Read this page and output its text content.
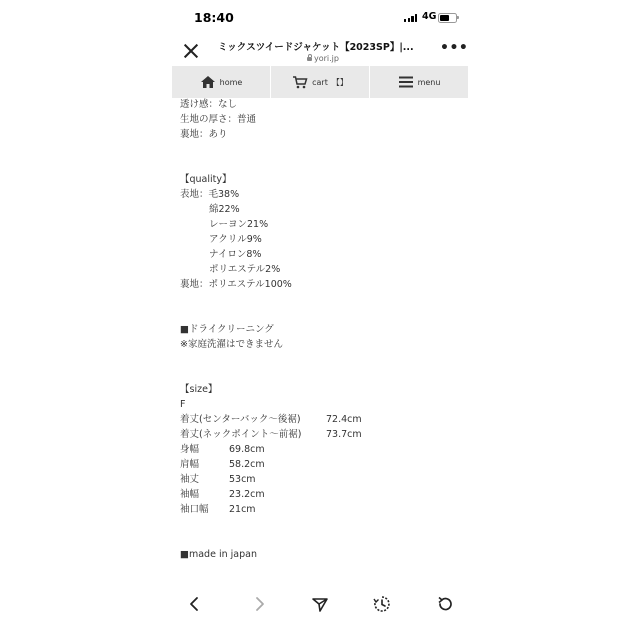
18:40	4G
ミックスツイードジャケット【2023SP】|...
yori.jp
•••
home	cart 【】	menu
透け感：なし
生地の厚さ：普通
裏地：あり
【quality】
表地：毛38%
綿22%
レーヨン21%
アクリル9%
ナイロン8%
ポリエステル2%
裏地：ポリエステル100%
■ドライクリーニング
※家庭洗濯はできません
【size】
F
着丈(センターバック〜後裾)	72.4cm
着丈(ネックポイント〜前裾)	73.7cm
身幅	69.8cm
肩幅	58.2cm
袖丈	53cm
袖幅	23.2cm
袖口幅 21cm
■made in japan
